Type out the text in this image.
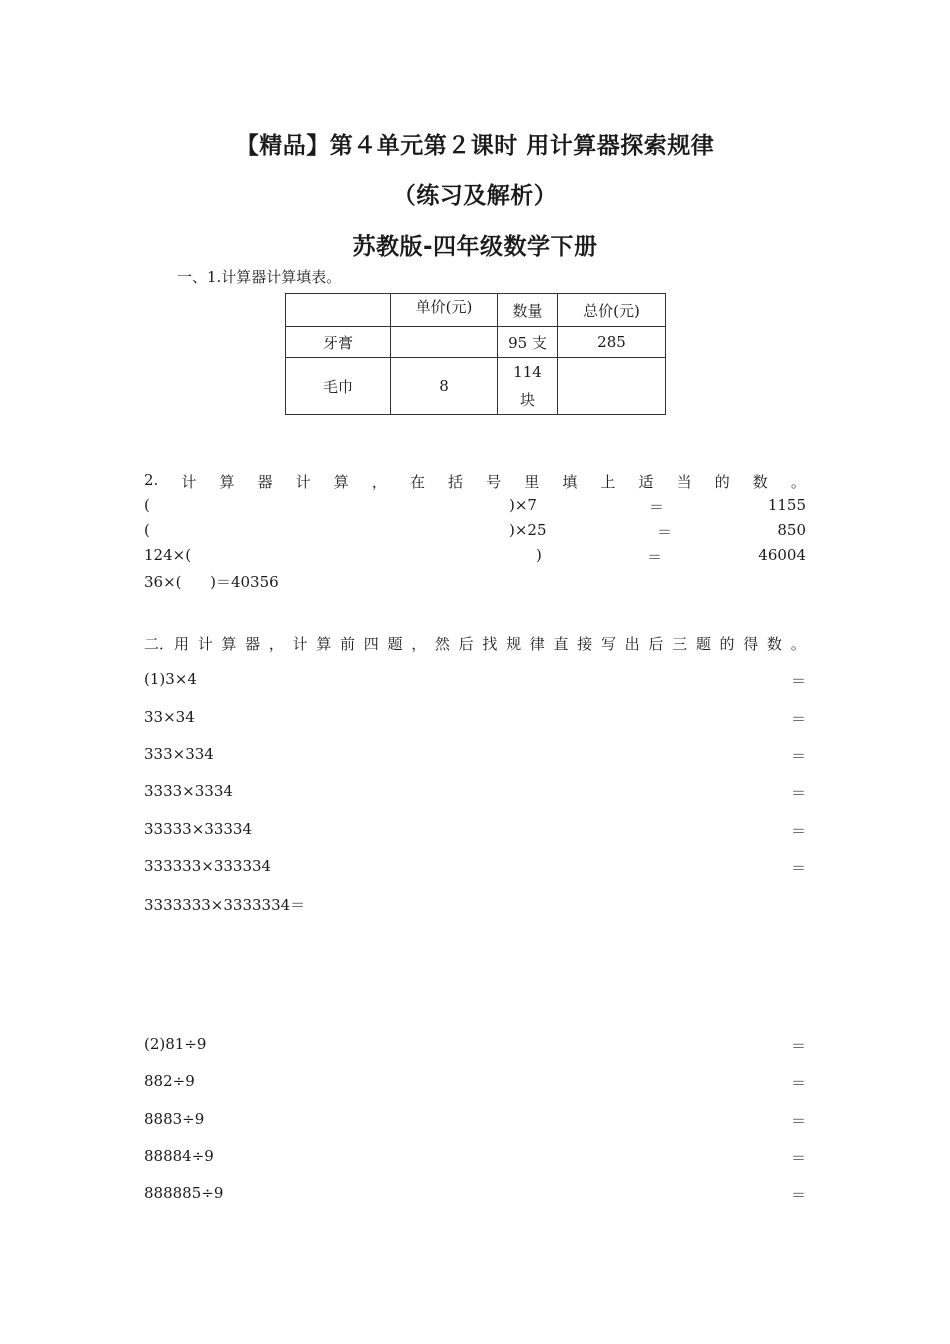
【精品】第４单元第２课时 用计算器探索规律
（练习及解析）
苏教版-四年级数学下册
一、1.计算器计算填表。
	单价(元)	数量	总价(元)
牙膏		95 支	285
毛巾	8	114
块	

2. 计 算 器 计 算 ， 在 括 号 里 填 上 适 当 的 数 。
(	)×7	＝	1155
(	)×25	＝	850
124×(	)	＝	46004
36×(      )＝40356
二．用 计 算 器 ， 计 算 前 四 题 ， 然 后 找 规 律 直 接 写 出 后 三 题 的 得 数 。
(1)3×4	＝
33×34	＝
333×334	＝
3333×3334	＝
33333×33334	＝
333333×333334	＝
3333333×3333334＝
(2)81÷9	＝
882÷9	＝
8883÷9	＝
88884÷9	＝
888885÷9	＝
